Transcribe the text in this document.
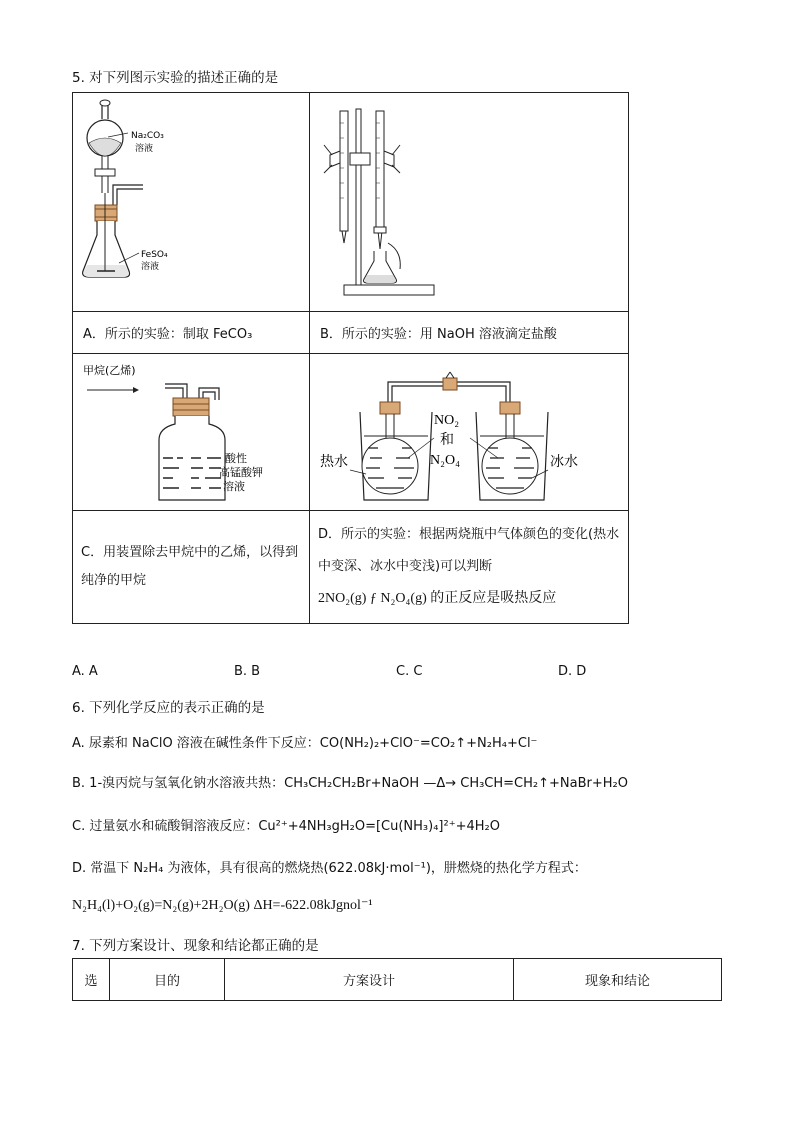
5. 对下列图示实验的描述正确的是
Na₂CO₃
溶液
FeSO₄
溶液

A．所示的实验：制取 FeCO₃	B．所示的实验：用 NaOH 溶液滴定盐酸

甲烷(乙烯)
酸性
高锰酸钾
溶液	NO₂
和
N₂O₄
热水 冰水

C．用装置除去甲烷中的乙烯，以得到纯净的甲烷	D．所示的实验：根据两烧瓶中气体颜色的变化(热水中变深、冰水中变浅)可以判断
2NO₂(g) ƒ N₂O₄(g) 的正反应是吸热反应
A. A	B. B	C. C	D. D
6. 下列化学反应的表示正确的是
A. 尿素和 NaClO 溶液在碱性条件下反应：CO(NH₂)₂+ClO⁻=CO₂↑+N₂H₄+Cl⁻
B. 1-溴丙烷与氢氧化钠水溶液共热：CH₃CH₂CH₂Br+NaOH —Δ→ CH₃CH=CH₂↑+NaBr+H₂O
C. 过量氨水和硫酸铜溶液反应：Cu²⁺+4NH₃gH₂O=[Cu(NH₃)₄]²⁺+4H₂O
D. 常温下 N₂H₄ 为液体，具有很高的燃烧热(622.08kJ·mol⁻¹)，肼燃烧的热化学方程式：
N₂H₄(l)+O₂(g)=N₂(g)+2H₂O(g) ΔH=-622.08kJgnol⁻¹
7. 下列方案设计、现象和结论都正确的是
选	目的	方案设计	现象和结论
